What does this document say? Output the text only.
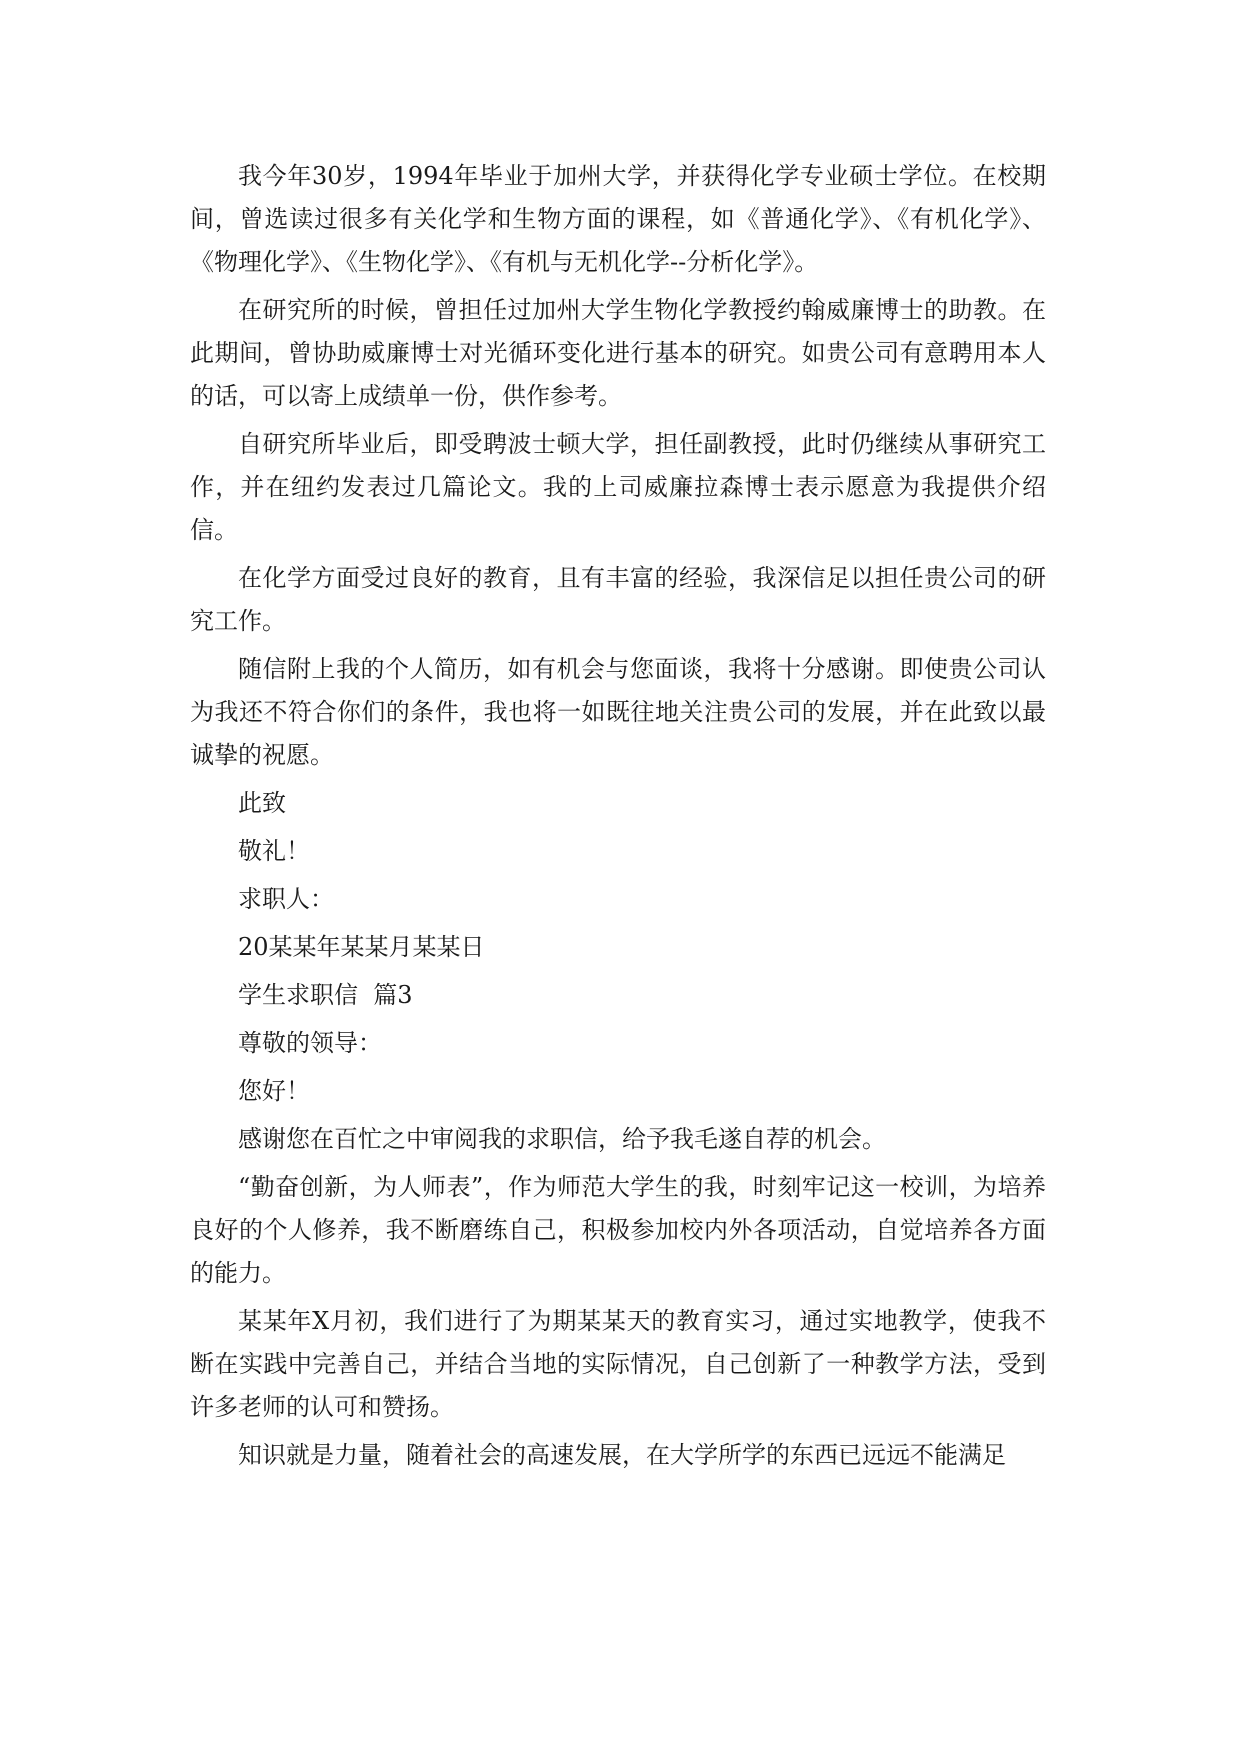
我今年30岁，1994年毕业于加州大学，并获得化学专业硕士学位。在校期间，曾选读过很多有关化学和生物方面的课程，如《普通化学》、《有机化学》、《物理化学》、《生物化学》、《有机与无机化学--分析化学》。

在研究所的时候，曾担任过加州大学生物化学教授约翰威廉博士的助教。在此期间，曾协助威廉博士对光循环变化进行基本的研究。如贵公司有意聘用本人的话，可以寄上成绩单一份，供作参考。

自研究所毕业后，即受聘波士顿大学，担任副教授，此时仍继续从事研究工作，并在纽约发表过几篇论文。我的上司威廉拉森博士表示愿意为我提供介绍信。

在化学方面受过良好的教育，且有丰富的经验，我深信足以担任贵公司的研究工作。

随信附上我的个人简历，如有机会与您面谈，我将十分感谢。即使贵公司认为我还不符合你们的条件，我也将一如既往地关注贵公司的发展，并在此致以最诚挚的祝愿。

此致

敬礼！

求职人：

20某某年某某月某某日

学生求职信  篇3

尊敬的领导：

您好！

感谢您在百忙之中审阅我的求职信，给予我毛遂自荐的机会。

“勤奋创新，为人师表”，作为师范大学生的我，时刻牢记这一校训，为培养良好的个人修养，我不断磨练自己，积极参加校内外各项活动，自觉培养各方面的能力。

某某年X月初，我们进行了为期某某天的教育实习，通过实地教学，使我不断在实践中完善自己，并结合当地的实际情况，自己创新了一种教学方法，受到许多老师的认可和赞扬。

知识就是力量，随着社会的高速发展，在大学所学的东西已远远不能满足
